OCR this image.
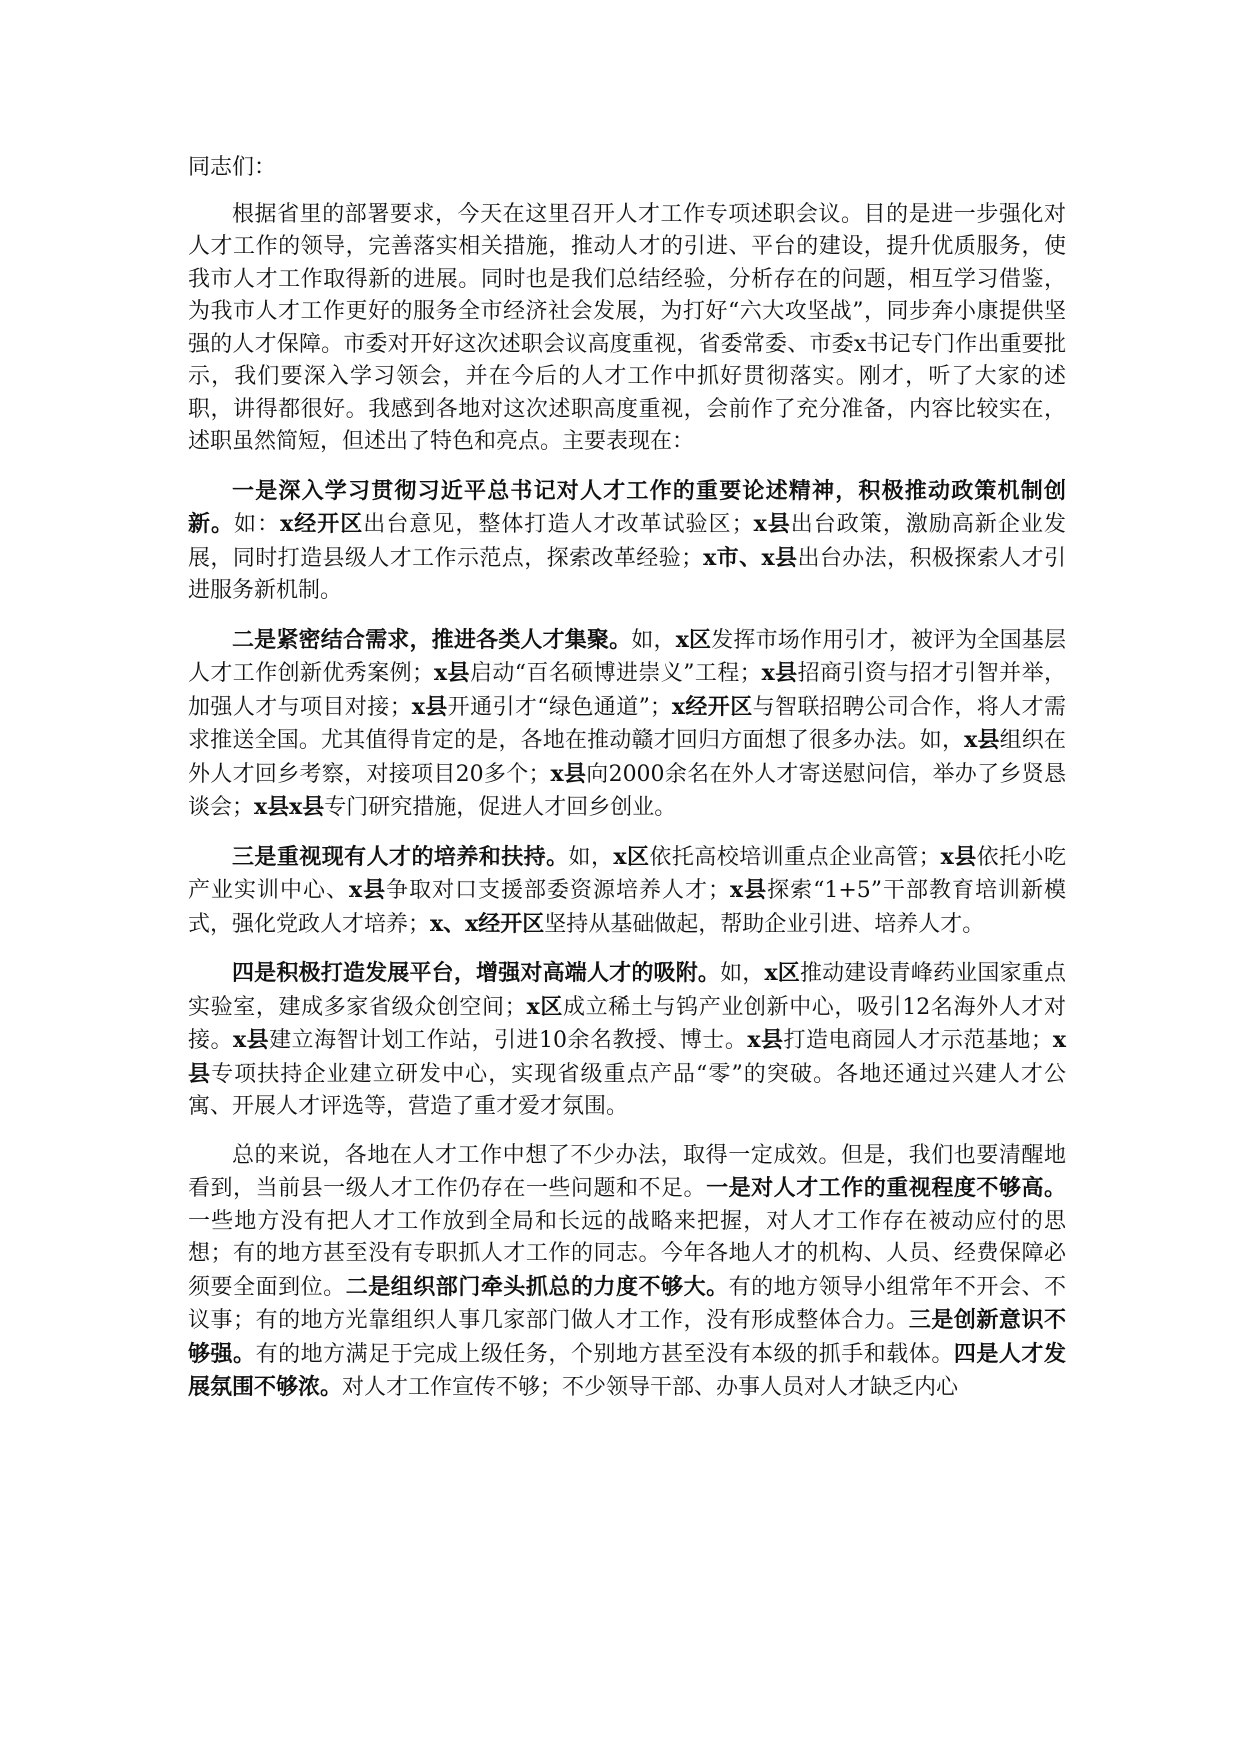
同志们：

根据省里的部署要求，今天在这里召开人才工作专项述职会议。目的是进一步强化对人才工作的领导，完善落实相关措施，推动人才的引进、平台的建设，提升优质服务，使我市人才工作取得新的进展。同时也是我们总结经验，分析存在的问题，相互学习借鉴，为我市人才工作更好的服务全市经济社会发展，为打好“六大攻坚战”，同步奔小康提供坚强的人才保障。市委对开好这次述职会议高度重视，省委常委、市委x书记专门作出重要批示，我们要深入学习领会，并在今后的人才工作中抓好贯彻落实。刚才，听了大家的述职，讲得都很好。我感到各地对这次述职高度重视，会前作了充分准备，内容比较实在，述职虽然简短，但述出了特色和亮点。主要表现在：

一是深入学习贯彻习近平总书记对人才工作的重要论述精神，积极推动政策机制创新。如：x经开区出台意见，整体打造人才改革试验区；x县出台政策，激励高新企业发展，同时打造县级人才工作示范点，探索改革经验；x市、x县出台办法，积极探索人才引进服务新机制。

二是紧密结合需求，推进各类人才集聚。如，x区发挥市场作用引才，被评为全国基层人才工作创新优秀案例；x县启动“百名硕博进崇义”工程；x县招商引资与招才引智并举，加强人才与项目对接；x县开通引才“绿色通道”；x经开区与智联招聘公司合作，将人才需求推送全国。尤其值得肯定的是，各地在推动赣才回归方面想了很多办法。如，x县组织在外人才回乡考察，对接项目20多个；x县向2000余名在外人才寄送慰问信，举办了乡贤恳谈会；x县x县专门研究措施，促进人才回乡创业。

三是重视现有人才的培养和扶持。如，x区依托高校培训重点企业高管；x县依托小吃产业实训中心、x县争取对口支援部委资源培养人才；x县探索“1+5”干部教育培训新模式，强化党政人才培养；x、x经开区坚持从基础做起，帮助企业引进、培养人才。

四是积极打造发展平台，增强对高端人才的吸附。如，x区推动建设青峰药业国家重点实验室，建成多家省级众创空间；x区成立稀土与钨产业创新中心，吸引12名海外人才对接。x县建立海智计划工作站，引进10余名教授、博士。x县打造电商园人才示范基地；x县专项扶持企业建立研发中心，实现省级重点产品“零”的突破。各地还通过兴建人才公寓、开展人才评选等，营造了重才爱才氛围。

总的来说，各地在人才工作中想了不少办法，取得一定成效。但是，我们也要清醒地看到，当前县一级人才工作仍存在一些问题和不足。一是对人才工作的重视程度不够高。一些地方没有把人才工作放到全局和长远的战略来把握，对人才工作存在被动应付的思想；有的地方甚至没有专职抓人才工作的同志。今年各地人才的机构、人员、经费保障必须要全面到位。二是组织部门牵头抓总的力度不够大。有的地方领导小组常年不开会、不议事；有的地方光靠组织人事几家部门做人才工作，没有形成整体合力。三是创新意识不够强。有的地方满足于完成上级任务，个别地方甚至没有本级的抓手和载体。四是人才发展氛围不够浓。对人才工作宣传不够；不少领导干部、办事人员对人才缺乏内心
